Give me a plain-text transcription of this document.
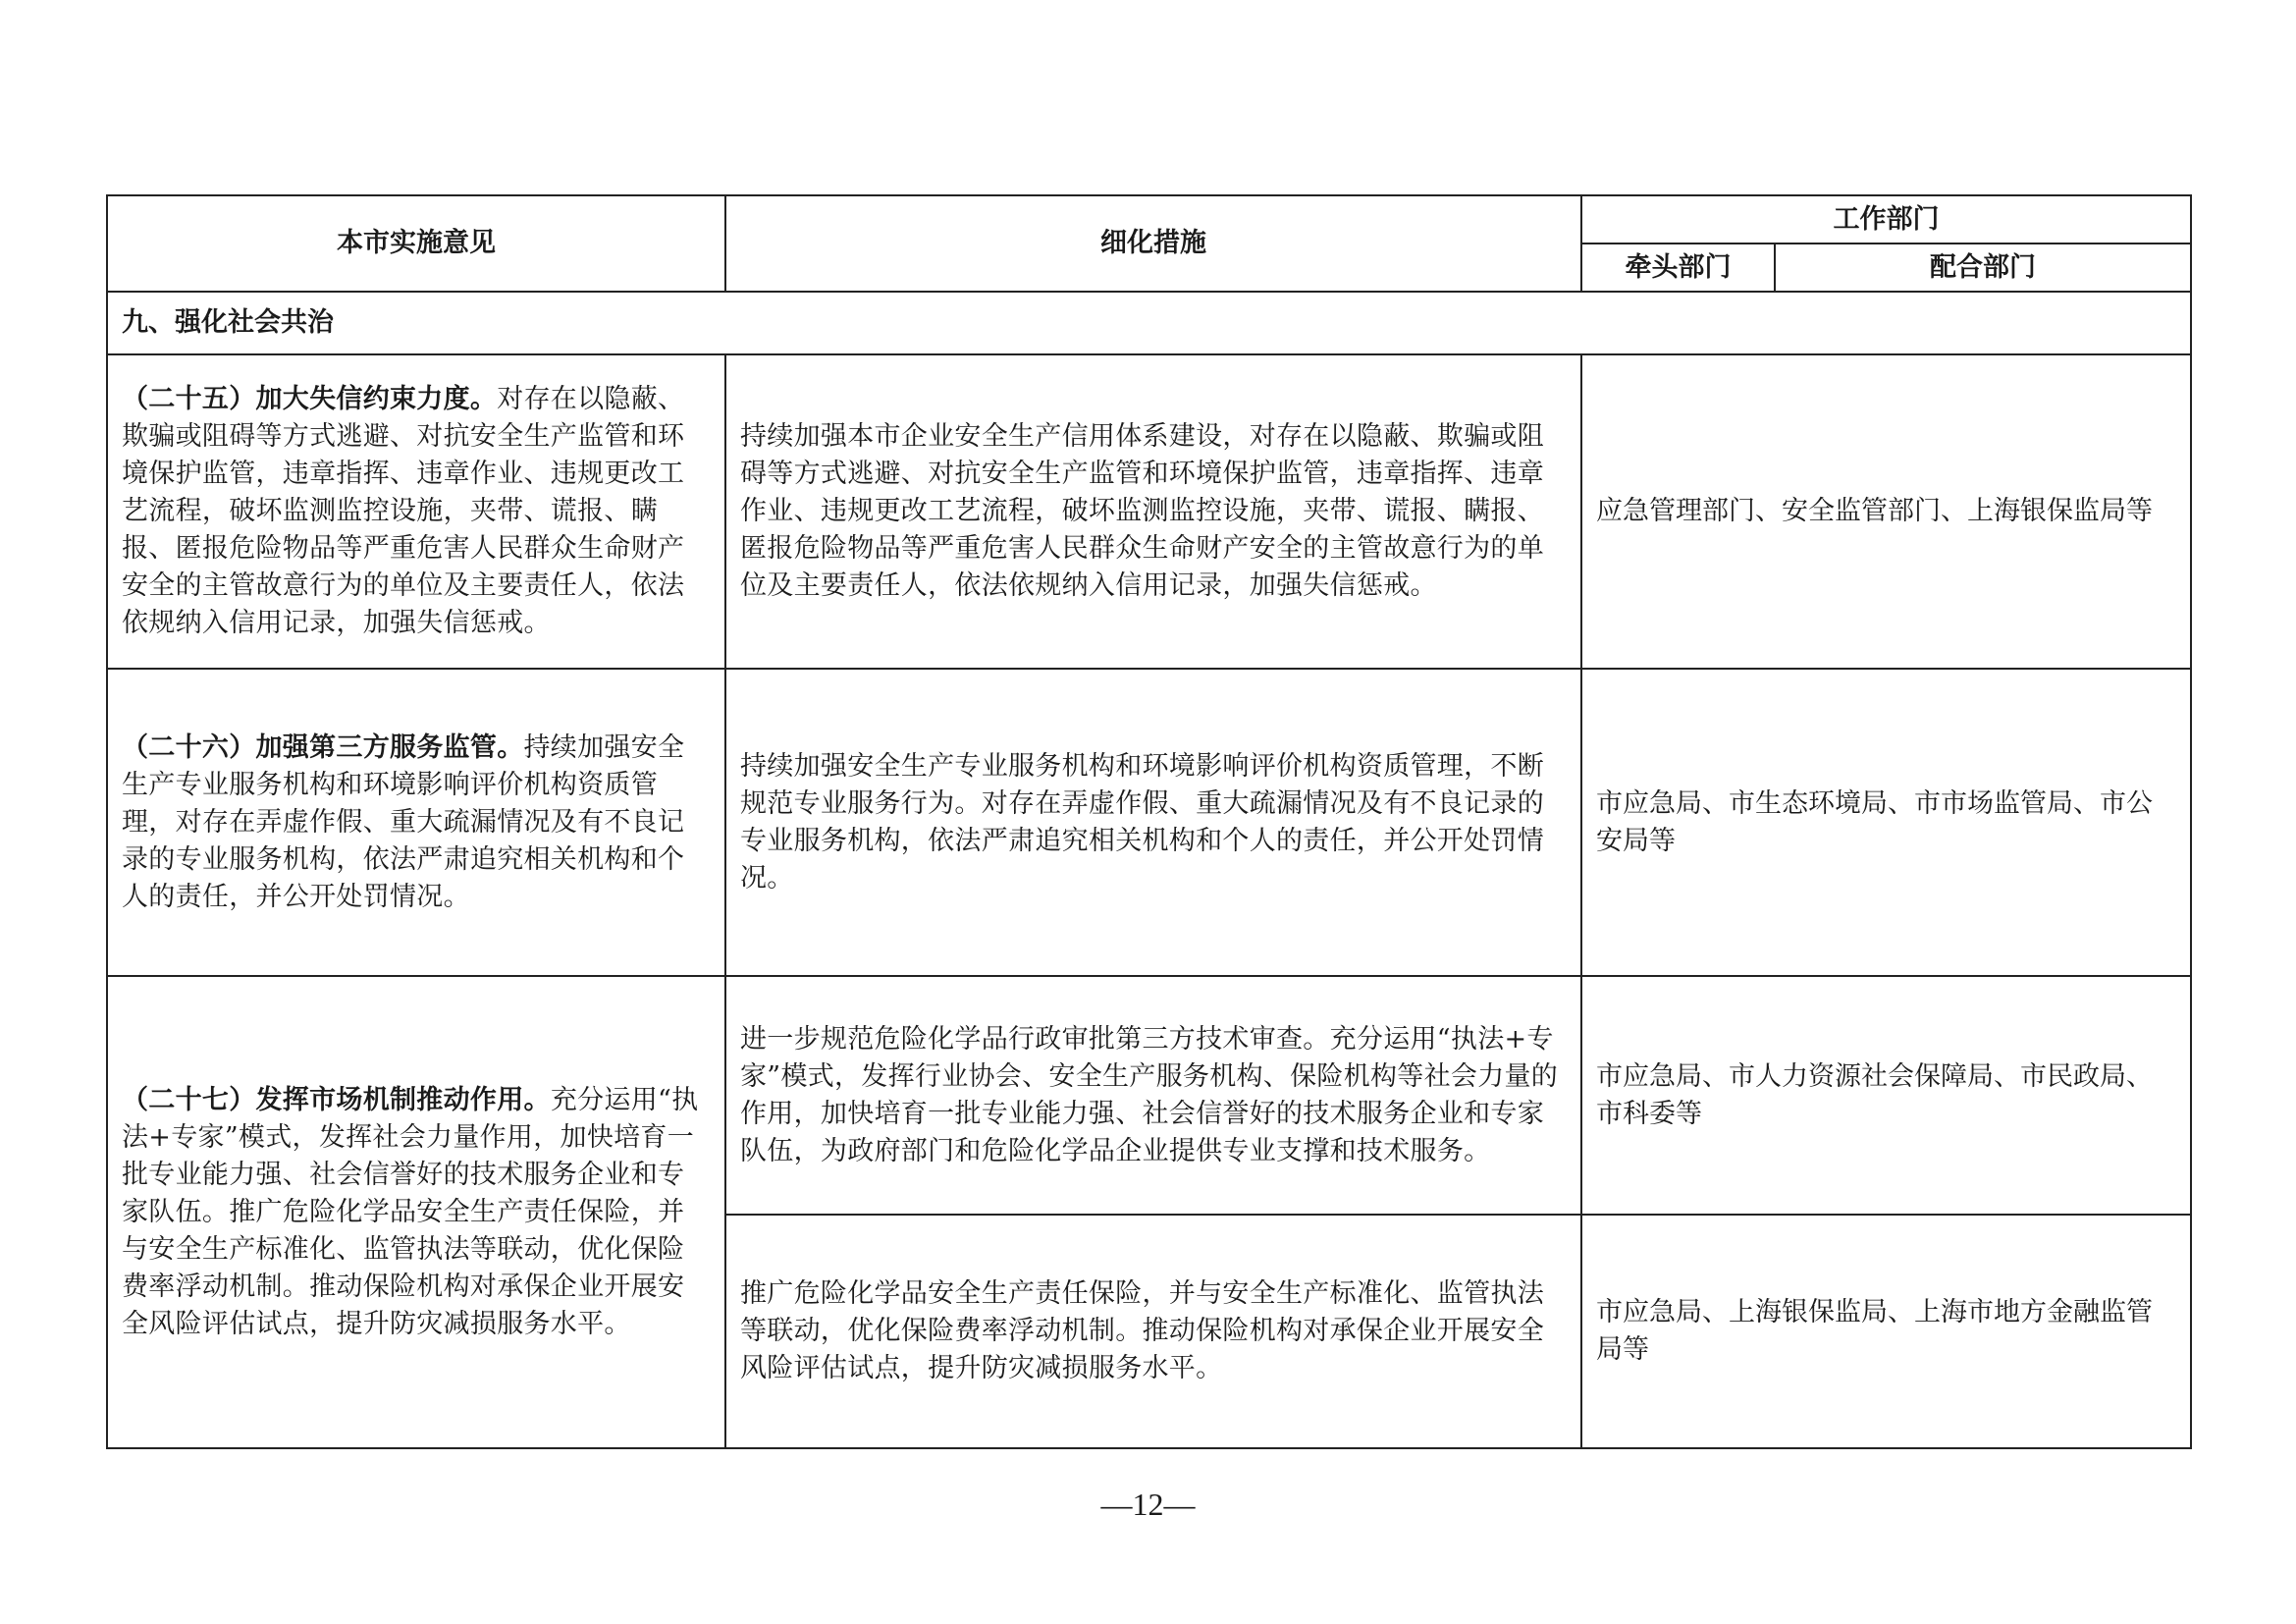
本市实施意见	细化措施	工作部门	
		牵头部门	配合部门
九、强化社会共治			
（二十五）加大失信约束力度。对存在以隐蔽、欺骗或阻碍等方式逃避、对抗安全生产监管和环境保护监管，违章指挥、违章作业、违规更改工艺流程，破坏监测监控设施，夹带、谎报、瞒报、匿报危险物品等严重危害人民群众生命财产安全的主管故意行为的单位及主要责任人，依法依规纳入信用记录，加强失信惩戒。	持续加强本市企业安全生产信用体系建设，对存在以隐蔽、欺骗或阻碍等方式逃避、对抗安全生产监管和环境保护监管，违章指挥、违章作业、违规更改工艺流程，破坏监测监控设施，夹带、谎报、瞒报、匿报危险物品等严重危害人民群众生命财产安全的主管故意行为的单位及主要责任人，依法依规纳入信用记录，加强失信惩戒。	应急管理部门、安全监管部门、上海银保监局等	
（二十六）加强第三方服务监管。持续加强安全生产专业服务机构和环境影响评价机构资质管理，对存在弄虚作假、重大疏漏情况及有不良记录的专业服务机构，依法严肃追究相关机构和个人的责任，并公开处罚情况。	持续加强安全生产专业服务机构和环境影响评价机构资质管理，不断规范专业服务行为。对存在弄虚作假、重大疏漏情况及有不良记录的专业服务机构，依法严肃追究相关机构和个人的责任，并公开处罚情况。	市应急局、市生态环境局、市市场监管局、市公安局等	
（二十七）发挥市场机制推动作用。充分运用“执法+专家”模式，发挥社会力量作用，加快培育一批专业能力强、社会信誉好的技术服务企业和专家队伍。推广危险化学品安全生产责任保险，并与安全生产标准化、监管执法等联动，优化保险费率浮动机制。推动保险机构对承保企业开展安全风险评估试点，提升防灾减损服务水平。	进一步规范危险化学品行政审批第三方技术审查。充分运用“执法+专家”模式，发挥行业协会、安全生产服务机构、保险机构等社会力量的作用，加快培育一批专业能力强、社会信誉好的技术服务企业和专家队伍，为政府部门和危险化学品企业提供专业支撑和技术服务。	市应急局、市人力资源社会保障局、市民政局、市科委等	
	推广危险化学品安全生产责任保险，并与安全生产标准化、监管执法等联动，优化保险费率浮动机制。推动保险机构对承保企业开展安全风险评估试点，提升防灾减损服务水平。	市应急局、上海银保监局、上海市地方金融监管局等	
—12—
